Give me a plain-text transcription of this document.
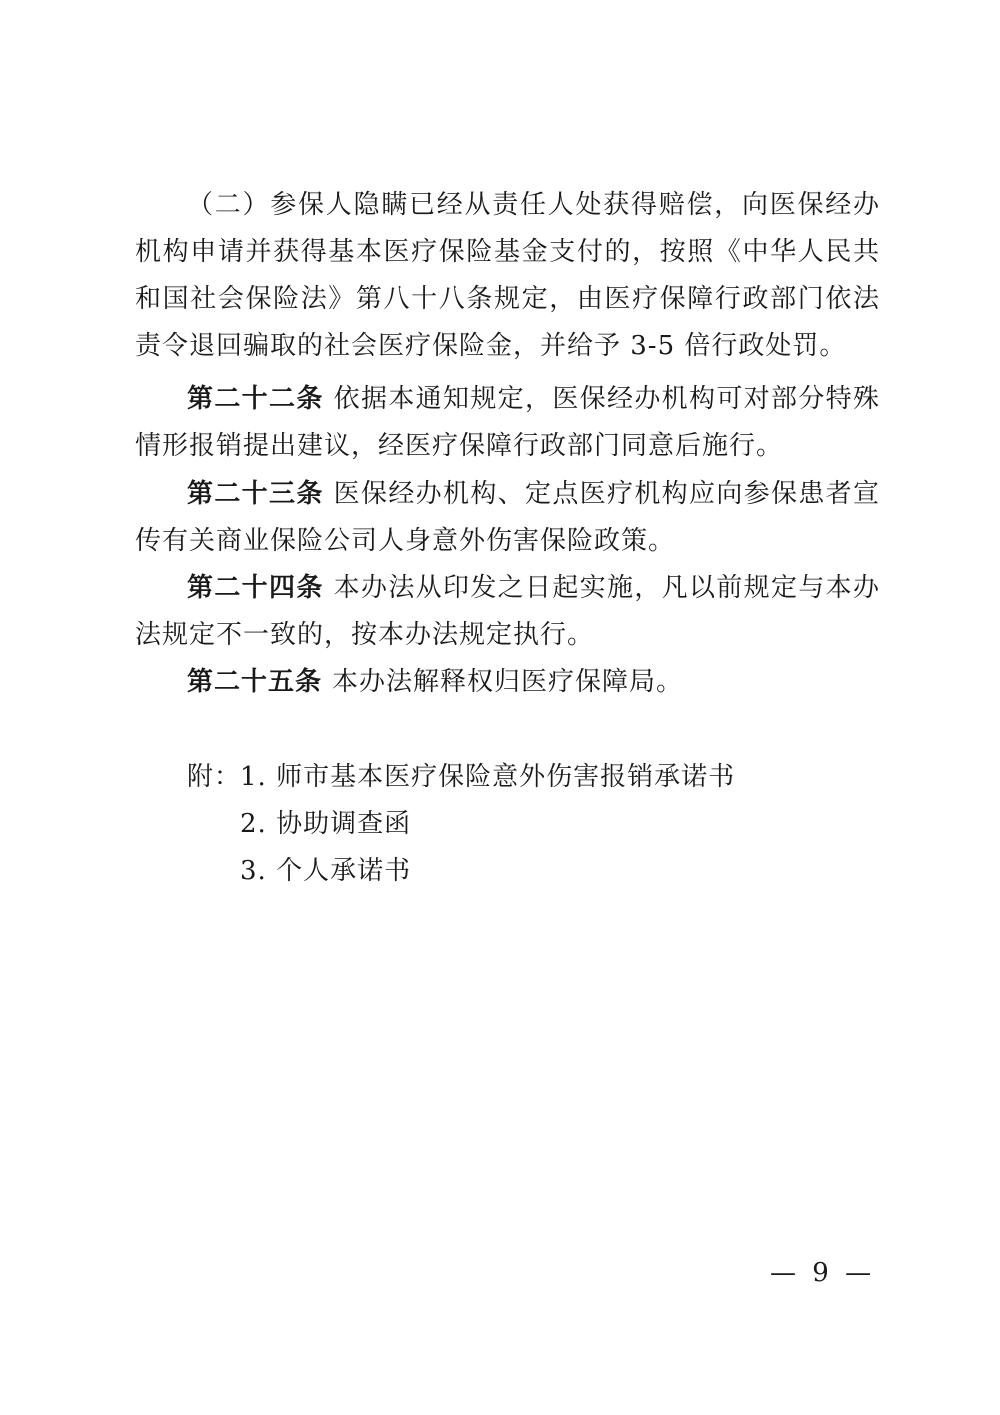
（二）参保人隐瞒已经从责任人处获得赔偿，向医保经办机构申请并获得基本医疗保险基金支付的，按照《中华人民共和国社会保险法》第八十八条规定，由医疗保障行政部门依法责令退回骗取的社会医疗保险金，并给予 3-5 倍行政处罚。
第二十二条 依据本通知规定，医保经办机构可对部分特殊情形报销提出建议，经医疗保障行政部门同意后施行。
第二十三条 医保经办机构、定点医疗机构应向参保患者宣传有关商业保险公司人身意外伤害保险政策。
第二十四条 本办法从印发之日起实施，凡以前规定与本办法规定不一致的，按本办法规定执行。
第二十五条 本办法解释权归医疗保障局。
附：
1. 师市基本医疗保险意外伤害报销承诺书
2. 协助调查函
3. 个人承诺书
— 9 —
